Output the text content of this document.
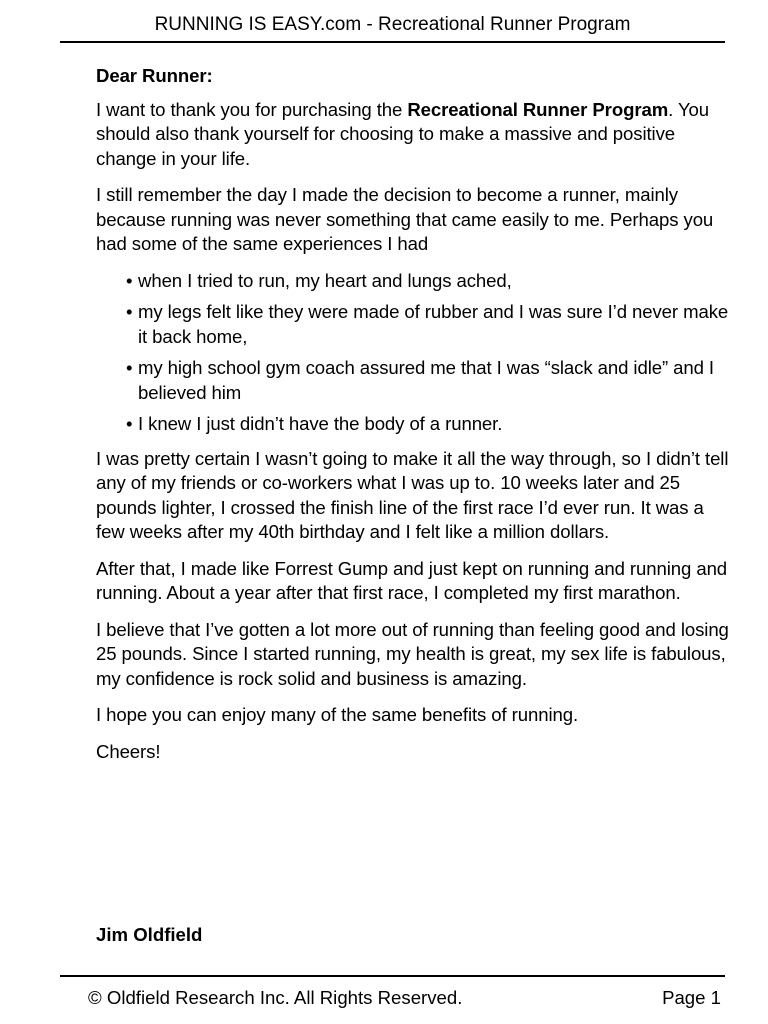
RUNNING IS EASY.com - Recreational Runner Program

Dear Runner:

I want to thank you for purchasing the Recreational Runner Program. You should also thank yourself for choosing to make a massive and positive change in your life.

I still remember the day I made the decision to become a runner, mainly because running was never something that came easily to me. Perhaps you had some of the same experiences I had

• when I tried to run, my heart and lungs ached,
• my legs felt like they were made of rubber and I was sure I’d never make it back home,
• my high school gym coach assured me that I was “slack and idle” and I believed him
• I knew I just didn’t have the body of a runner.

I was pretty certain I wasn’t going to make it all the way through, so I didn’t tell any of my friends or co-workers what I was up to. 10 weeks later and 25 pounds lighter, I crossed the finish line of the first race I’d ever run. It was a few weeks after my 40th birthday and I felt like a million dollars.

After that, I made like Forrest Gump and just kept on running and running and running. About a year after that first race, I completed my first marathon.

I believe that I’ve gotten a lot more out of running than feeling good and losing 25 pounds. Since I started running, my health is great, my sex life is fabulous, my confidence is rock solid and business is amazing.

I hope you can enjoy many of the same benefits of running.

Cheers!

Jim Oldfield
© Oldfield Research Inc. All Rights Reserved.	Page 1
